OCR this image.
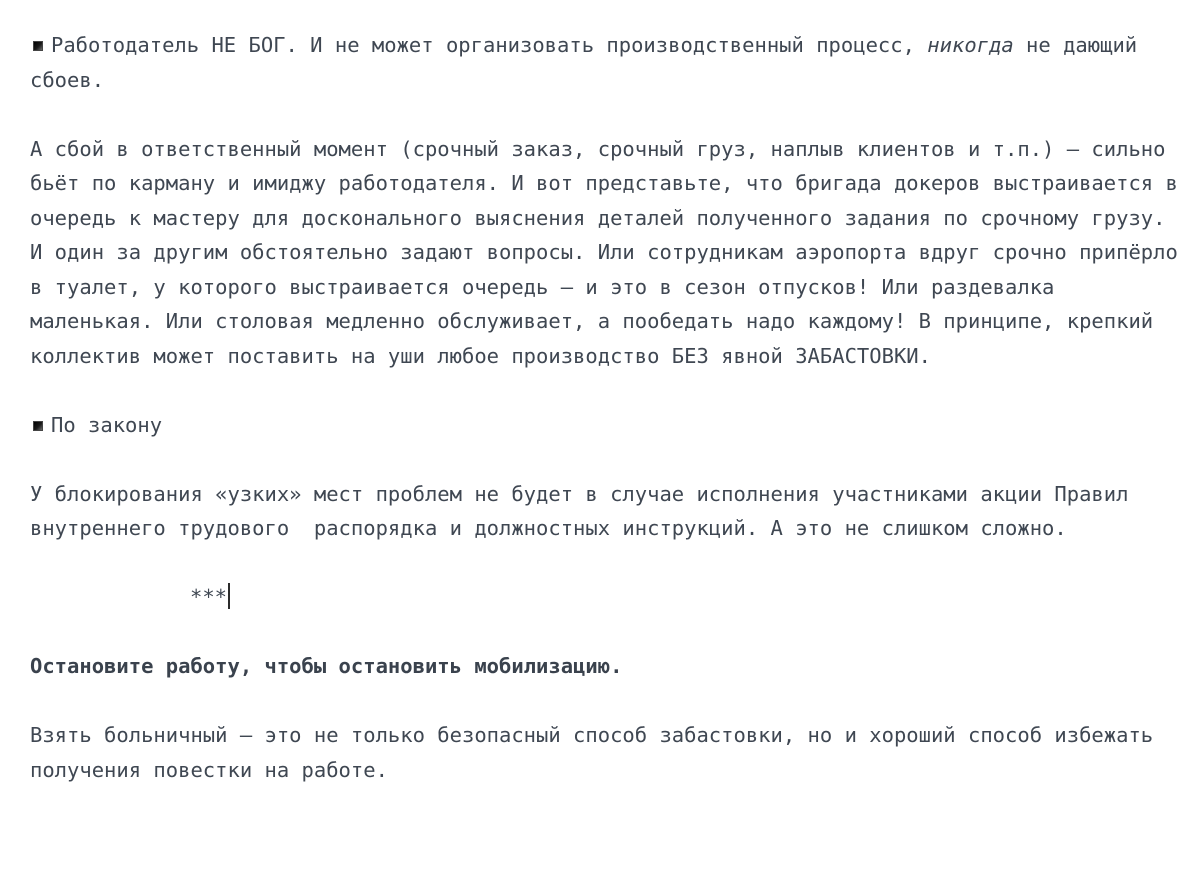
Работодатель НЕ БОГ. И не может организовать производственный процесс, никогда не дающий сбоев.

А сбой в ответственный момент (срочный заказ, срочный груз, наплыв клиентов и т.п.) — сильно бьёт по карману и имиджу работодателя. И вот представьте, что бригада докеров выстраивается в очередь к мастеру для досконального выяснения деталей полученного задания по срочному грузу. И один за другим обстоятельно задают вопросы. Или сотрудникам аэропорта вдруг срочно припёрло в туалет, у которого выстраивается очередь — и это в сезон отпусков! Или раздевалка маленькая. Или столовая медленно обслуживает, а пообедать надо каждому! В принципе, крепкий коллектив может поставить на уши любое производство БЕЗ явной ЗАБАСТОВКИ.

По закону

У блокирования «узких» мест проблем не будет в случае исполнения участниками акции Правил внутреннего трудового  распорядка и должностных инструкций. А это не слишком сложно.

***

Остановите работу, чтобы остановить мобилизацию.

Взять больничный — это не только безопасный способ забастовки, но и хороший способ избежать получения повестки на работе.
